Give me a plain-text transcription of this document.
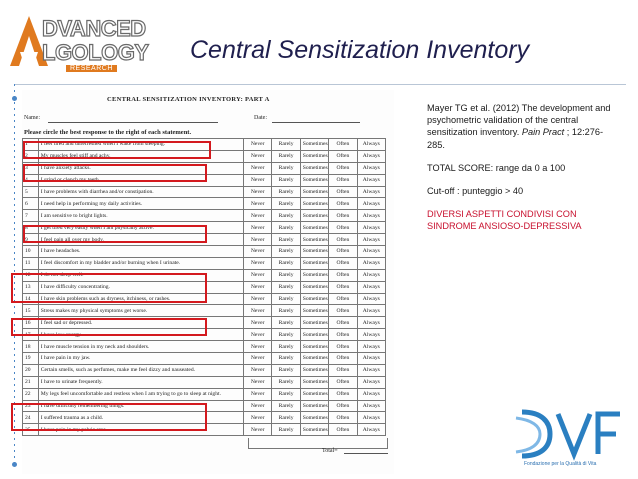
DVANCED
LGOLOGY
RESEARCH
Central Sensitization Inventory
CENTRAL SENSITIZATION INVENTORY: PART A
Name:	Date:
Please circle the best response to the right of each statement.
1	I feel tired and unrefreshed when I wake from sleeping.	Never	Rarely	Sometimes	Often	Always
2	My muscles feel stiff and achy.	Never	Rarely	Sometimes	Often	Always
3	I have anxiety attacks.	Never	Rarely	Sometimes	Often	Always
4	I grind or clench my teeth.	Never	Rarely	Sometimes	Often	Always
5	I have problems with diarrhea and/or constipation.	Never	Rarely	Sometimes	Often	Always
6	I need help in performing my daily activities.	Never	Rarely	Sometimes	Often	Always
7	I am sensitive to bright lights.	Never	Rarely	Sometimes	Often	Always
8	I get tired very easily when I am physically active.	Never	Rarely	Sometimes	Often	Always
9	I feel pain all over my body.	Never	Rarely	Sometimes	Often	Always
10	I have headaches.	Never	Rarely	Sometimes	Often	Always
11	I feel discomfort in my bladder and/or burning when I urinate.	Never	Rarely	Sometimes	Often	Always
12	I do not sleep well.	Never	Rarely	Sometimes	Often	Always
13	I have difficulty concentrating.	Never	Rarely	Sometimes	Often	Always
14	I have skin problems such as dryness, itchiness, or rashes.	Never	Rarely	Sometimes	Often	Always
15	Stress makes my physical symptoms get worse.	Never	Rarely	Sometimes	Often	Always
16	I feel sad or depressed.	Never	Rarely	Sometimes	Often	Always
17	I have low energy.	Never	Rarely	Sometimes	Often	Always
18	I have muscle tension in my neck and shoulders.	Never	Rarely	Sometimes	Often	Always
19	I have pain in my jaw.	Never	Rarely	Sometimes	Often	Always
20	Certain smells, such as perfumes, make me feel dizzy and nauseated.	Never	Rarely	Sometimes	Often	Always
21	I have to urinate frequently.	Never	Rarely	Sometimes	Often	Always
22	My legs feel uncomfortable and restless when I am trying to go to sleep at night.	Never	Rarely	Sometimes	Often	Always
23	I have difficulty remembering things.	Never	Rarely	Sometimes	Often	Always
24	I suffered trauma as a child.	Never	Rarely	Sometimes	Often	Always
25	I have pain in my pelvic area.	Never	Rarely	Sometimes	Often	Always
Total=

Mayer TG et al. (2012) The development and psychometric validation of the central sensitization inventory. Pain Pract ; 12:276-285.

TOTAL SCORE: range da 0 a 100

Cut-off : punteggio > 40

DIVERSI ASPETTI CONDIVISI CON SINDROME ANSIOSO-DEPRESSIVA

Fondazione per la Qualità di Vita
